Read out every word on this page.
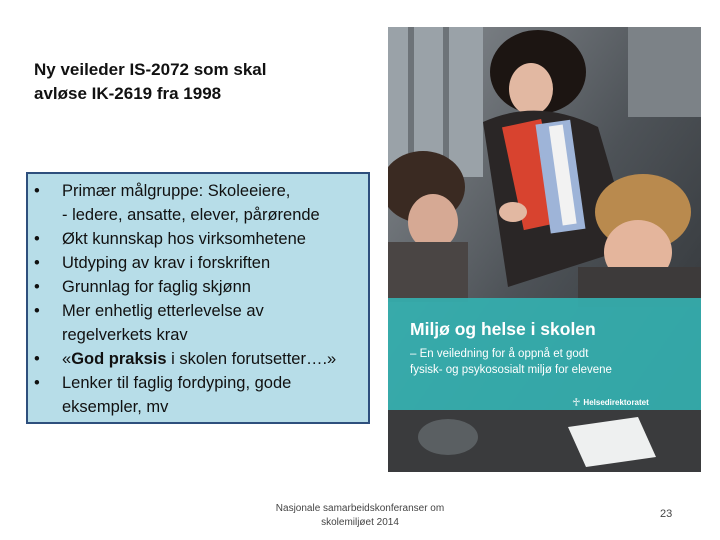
Ny veileder IS-2072 som skal
avløse IK-2619 fra 1998
• Primær målgruppe: Skoleeiere,
- ledere, ansatte, elever, pårørende
• Økt kunnskap hos virksomhetene
• Utdyping av krav i forskriften
• Grunnlag for faglig skjønn
• Mer enhetlig etterlevelse av
regelverkets krav
• «God praksis i skolen forutsetter….»
• Lenker til faglig fordyping, gode
eksempler, mv
Miljø og helse i skolen
– En veiledning for å oppnå et godt
fysisk- og psykososialt miljø for elevene
♱ Helsedirektoratet
Nasjonale samarbeidskonferanser om
skolemiljøet 2014
23
